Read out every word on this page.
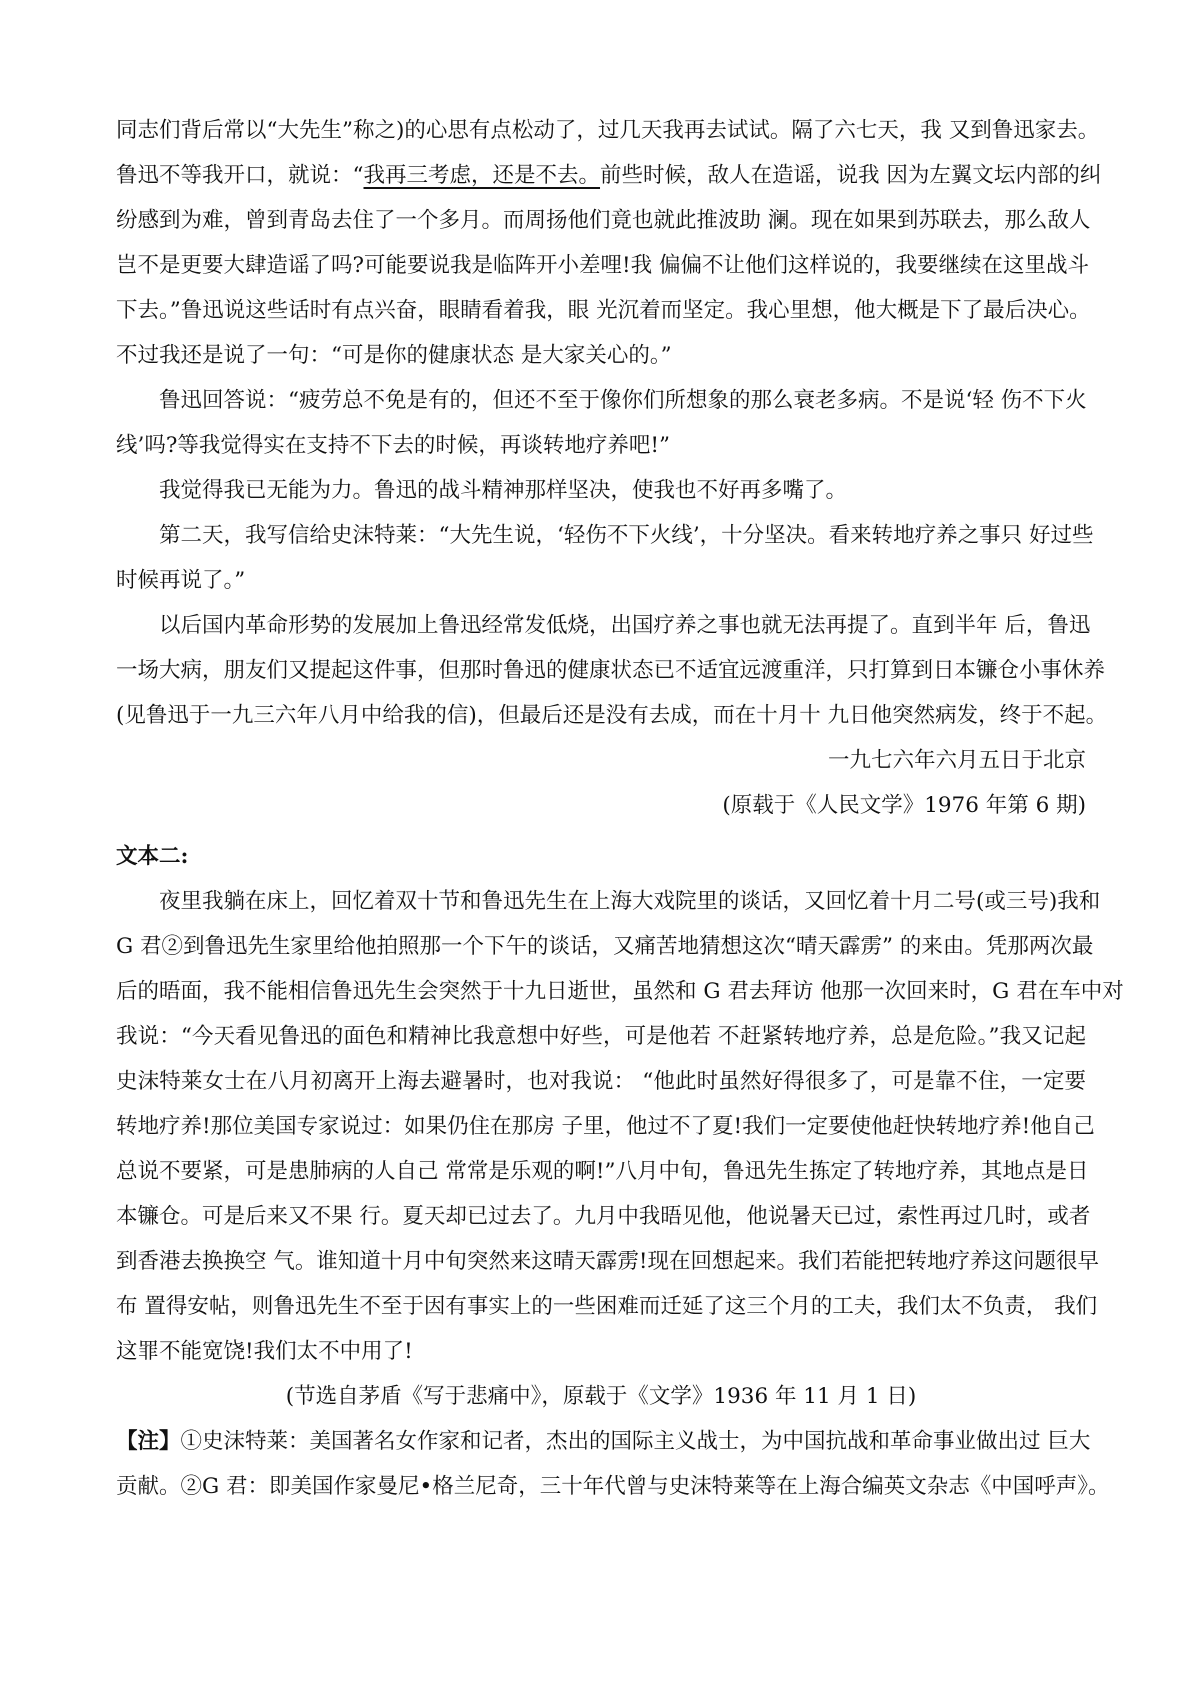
同志们背后常以“大先生”称之)的心思有点松动了，过几天我再去试试。隔了六七天，我 又到鲁迅家去。
鲁迅不等我开口，就说：“我再三考虑，还是不去。前些时候，敌人在造谣，说我 因为左翼文坛内部的纠
纷感到为难，曾到青岛去住了一个多月。而周扬他们竟也就此推波助 澜。现在如果到苏联去，那么敌人
岂不是更要大肆造谣了吗?可能要说我是临阵开小差哩!我 偏偏不让他们这样说的，我要继续在这里战斗
下去。”鲁迅说这些话时有点兴奋，眼睛看着我，眼 光沉着而坚定。我心里想，他大概是下了最后决心。
不过我还是说了一句：“可是你的健康状态 是大家关心的。”
鲁迅回答说：“疲劳总不免是有的，但还不至于像你们所想象的那么衰老多病。不是说‘轻 伤不下火
线’吗?等我觉得实在支持不下去的时候，再谈转地疗养吧!”
我觉得我已无能为力。鲁迅的战斗精神那样坚决，使我也不好再多嘴了。
第二天，我写信给史沫特莱：“大先生说，‘轻伤不下火线’，十分坚决。看来转地疗养之事只 好过些
时候再说了。”
以后国内革命形势的发展加上鲁迅经常发低烧，出国疗养之事也就无法再提了。直到半年 后，鲁迅
一场大病，朋友们又提起这件事，但那时鲁迅的健康状态已不适宜远渡重洋，只打算到日本镰仓小事休养
(见鲁迅于一九三六年八月中给我的信)，但最后还是没有去成，而在十月十 九日他突然病发，终于不起。
一九七六年六月五日于北京
(原载于《人民文学》1976 年第 6 期)
文本二:
夜里我躺在床上，回忆着双十节和鲁迅先生在上海大戏院里的谈话，又回忆着十月二号(或三号)我和
G 君②到鲁迅先生家里给他拍照那一个下午的谈话，又痛苦地猜想这次“晴天霹雳” 的来由。凭那两次最
后的晤面，我不能相信鲁迅先生会突然于十九日逝世，虽然和 G 君去拜访 他那一次回来时，G 君在车中对
我说：“今天看见鲁迅的面色和精神比我意想中好些，可是他若 不赶紧转地疗养，总是危险。”我又记起
史沫特莱女士在八月初离开上海去避暑时，也对我说： “他此时虽然好得很多了，可是靠不住，一定要
转地疗养!那位美国专家说过：如果仍住在那房 子里，他过不了夏!我们一定要使他赶快转地疗养!他自己
总说不要紧，可是患肺病的人自己 常常是乐观的啊!”八月中旬，鲁迅先生拣定了转地疗养，其地点是日
本镰仓。可是后来又不果 行。夏天却已过去了。九月中我晤见他，他说暑天已过，索性再过几时，或者
到香港去换换空 气。谁知道十月中旬突然来这晴天霹雳!现在回想起来。我们若能把转地疗养这问题很早
布 置得安帖，则鲁迅先生不至于因有事实上的一些困难而迁延了这三个月的工夫，我们太不负责， 我们
这罪不能宽饶!我们太不中用了!
(节选自茅盾《写于悲痛中》，原载于《文学》1936 年 11 月 1 日)
【注】①史沫特莱：美国著名女作家和记者，杰出的国际主义战士，为中国抗战和革命事业做出过 巨大
贡献。②G 君：即美国作家曼尼•格兰尼奇，三十年代曾与史沫特莱等在上海合编英文杂志《中国呼声》。
